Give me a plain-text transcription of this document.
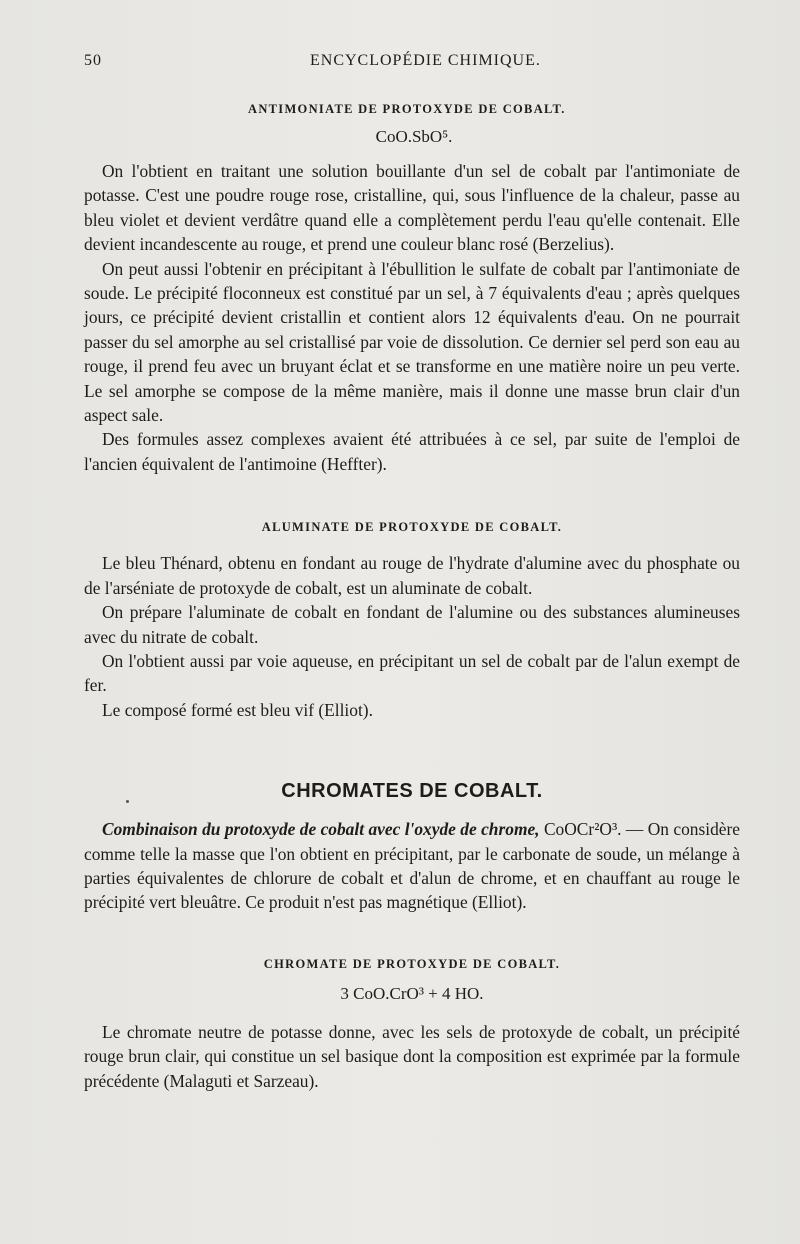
50	ENCYCLOPÉDIE CHIMIQUE.
ANTIMONIATE DE PROTOXYDE DE COBALT.
CoO.SbO⁵.

On l'obtient en traitant une solution bouillante d'un sel de cobalt par l'antimoniate de potasse. C'est une poudre rouge rose, cristalline, qui, sous l'influence de la chaleur, passe au bleu violet et devient verdâtre quand elle a complètement perdu l'eau qu'elle contenait. Elle devient incandescente au rouge, et prend une couleur blanc rosé (Berzelius).

On peut aussi l'obtenir en précipitant à l'ébullition le sulfate de cobalt par l'antimoniate de soude. Le précipité floconneux est constitué par un sel, à 7 équivalents d'eau ; après quelques jours, ce précipité devient cristallin et contient alors 12 équivalents d'eau. On ne pourrait passer du sel amorphe au sel cristallisé par voie de dissolution. Ce dernier sel perd son eau au rouge, il prend feu avec un bruyant éclat et se transforme en une matière noire un peu verte. Le sel amorphe se compose de la même manière, mais il donne une masse brun clair d'un aspect sale.

Des formules assez complexes avaient été attribuées à ce sel, par suite de l'emploi de l'ancien équivalent de l'antimoine (Heffter).

ALUMINATE DE PROTOXYDE DE COBALT.

Le bleu Thénard, obtenu en fondant au rouge de l'hydrate d'alumine avec du phosphate ou de l'arséniate de protoxyde de cobalt, est un aluminate de cobalt.

On prépare l'aluminate de cobalt en fondant de l'alumine ou des substances alumineuses avec du nitrate de cobalt.

On l'obtient aussi par voie aqueuse, en précipitant un sel de cobalt par de l'alun exempt de fer.

Le composé formé est bleu vif (Elliot).

CHROMATES DE COBALT.

Combinaison du protoxyde de cobalt avec l'oxyde de chrome, CoOCr²O³. — On considère comme telle la masse que l'on obtient en précipitant, par le carbonate de soude, un mélange à parties équivalentes de chlorure de cobalt et d'alun de chrome, et en chauffant au rouge le précipité vert bleuâtre. Ce produit n'est pas magnétique (Elliot).

CHROMATE DE PROTOXYDE DE COBALT.
3 CoO.CrO³ + 4 HO.

Le chromate neutre de potasse donne, avec les sels de protoxyde de cobalt, un précipité rouge brun clair, qui constitue un sel basique dont la composition est exprimée par la formule précédente (Malaguti et Sarzeau).
